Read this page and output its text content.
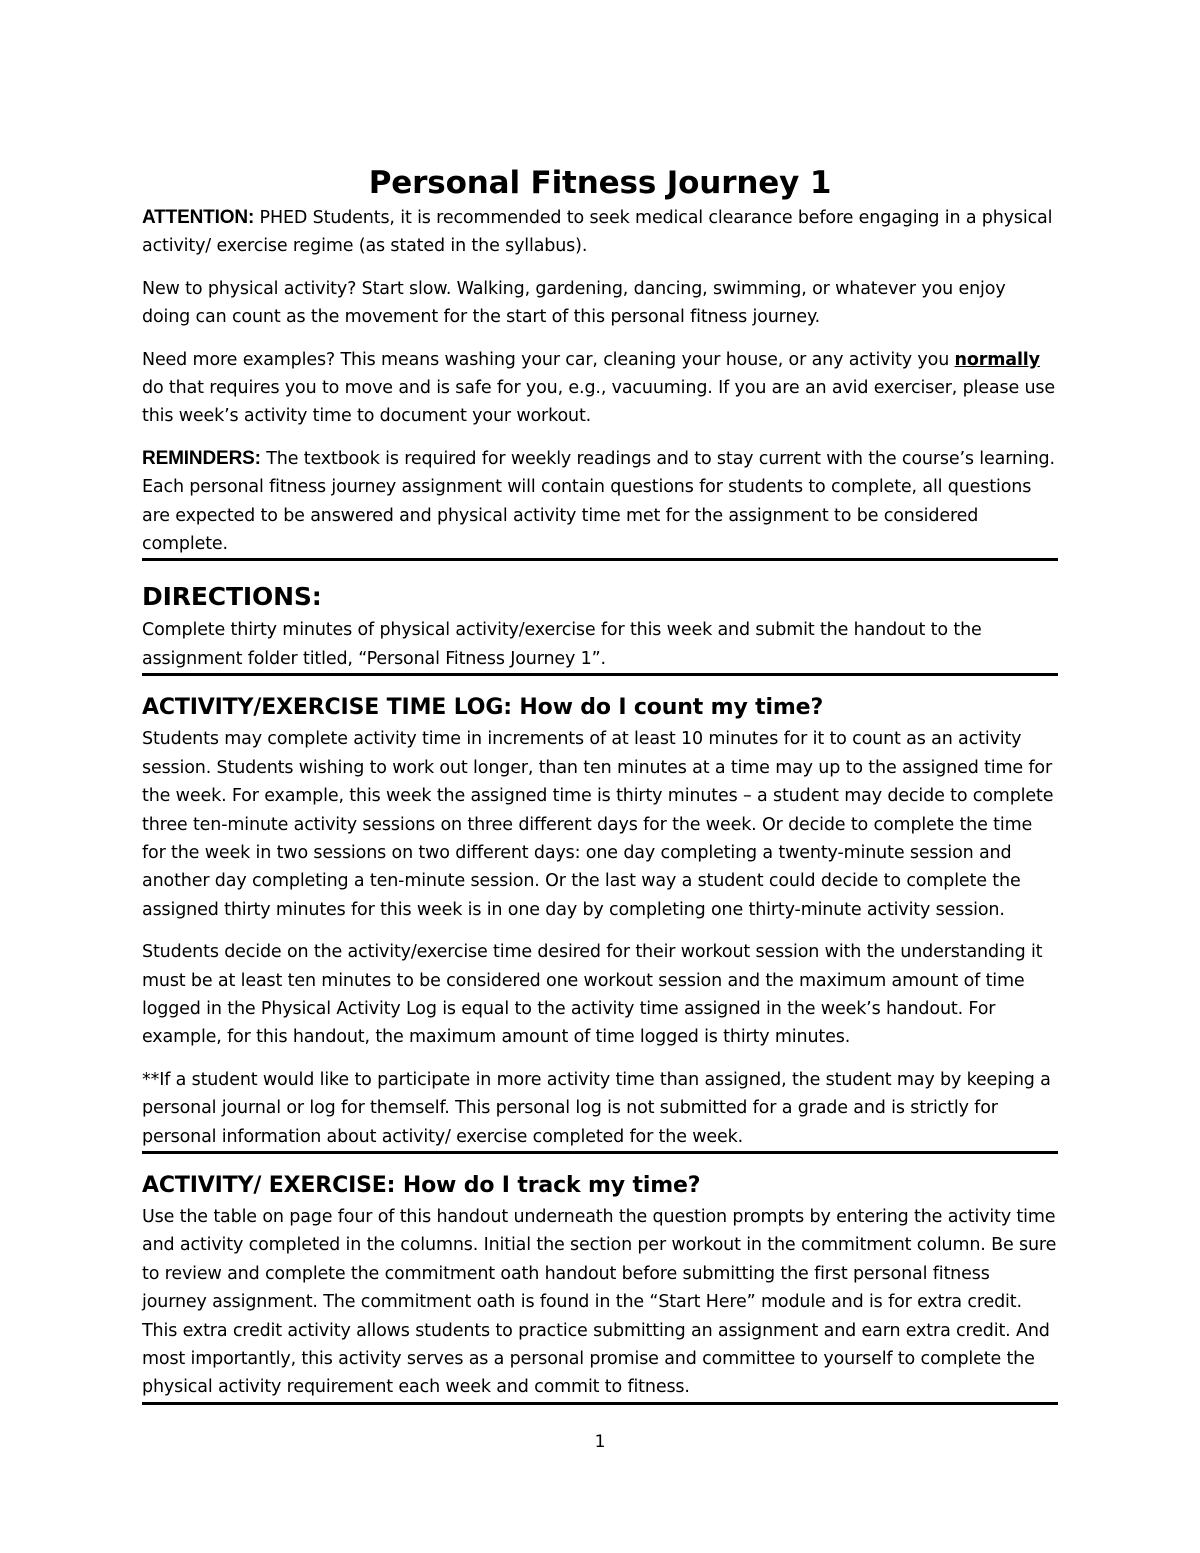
Personal Fitness Journey 1

ATTENTION: PHED Students, it is recommended to seek medical clearance before engaging in a physical activity/ exercise regime (as stated in the syllabus).

New to physical activity? Start slow. Walking, gardening, dancing, swimming, or whatever you enjoy doing can count as the movement for the start of this personal fitness journey.

Need more examples? This means washing your car, cleaning your house, or any activity you normally do that requires you to move and is safe for you, e.g., vacuuming. If you are an avid exerciser, please use this week’s activity time to document your workout.

REMINDERS: The textbook is required for weekly readings and to stay current with the course’s learning. Each personal fitness journey assignment will contain questions for students to complete, all questions are expected to be answered and physical activity time met for the assignment to be considered complete.

DIRECTIONS:

Complete thirty minutes of physical activity/exercise for this week and submit the handout to the assignment folder titled, “Personal Fitness Journey 1”.

ACTIVITY/EXERCISE TIME LOG: How do I count my time?

Students may complete activity time in increments of at least 10 minutes for it to count as an activity session. Students wishing to work out longer, than ten minutes at a time may up to the assigned time for the week. For example, this week the assigned time is thirty minutes – a student may decide to complete three ten-minute activity sessions on three different days for the week. Or decide to complete the time for the week in two sessions on two different days: one day completing a twenty-minute session and another day completing a ten-minute session. Or the last way a student could decide to complete the assigned thirty minutes for this week is in one day by completing one thirty-minute activity session.

Students decide on the activity/exercise time desired for their workout session with the understanding it must be at least ten minutes to be considered one workout session and the maximum amount of time logged in the Physical Activity Log is equal to the activity time assigned in the week’s handout. For example, for this handout, the maximum amount of time logged is thirty minutes.

**If a student would like to participate in more activity time than assigned, the student may by keeping a personal journal or log for themself. This personal log is not submitted for a grade and is strictly for personal information about activity/ exercise completed for the week.

ACTIVITY/ EXERCISE: How do I track my time?

Use the table on page four of this handout underneath the question prompts by entering the activity time and activity completed in the columns. Initial the section per workout in the commitment column. Be sure to review and complete the commitment oath handout before submitting the first personal fitness journey assignment. The commitment oath is found in the “Start Here” module and is for extra credit. This extra credit activity allows students to practice submitting an assignment and earn extra credit. And most importantly, this activity serves as a personal promise and committee to yourself to complete the physical activity requirement each week and commit to fitness.

1
